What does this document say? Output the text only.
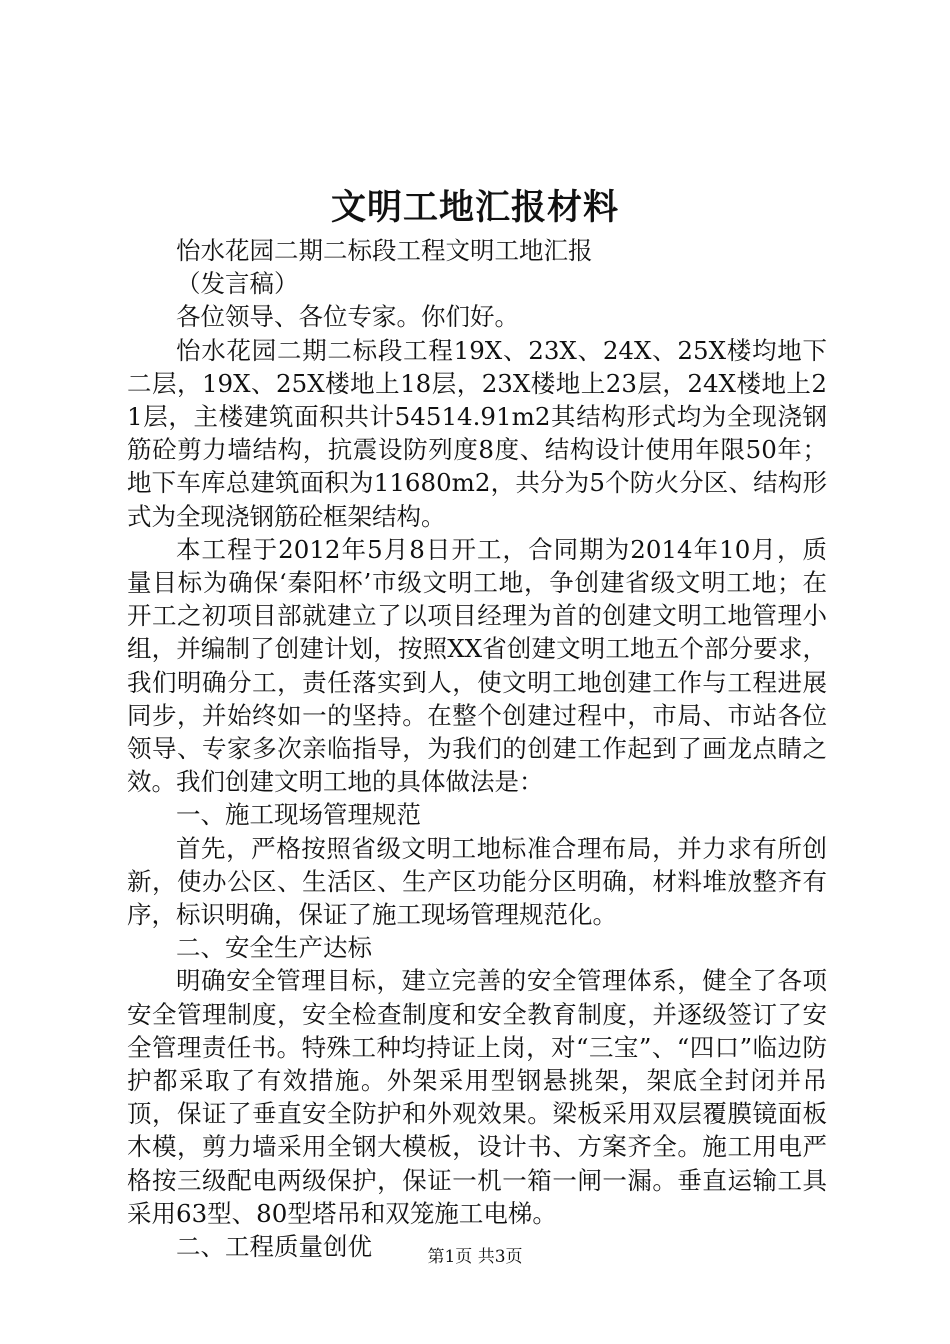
文明工地汇报材料

怡水花园二期二标段工程文明工地汇报

（发言稿）

各位领导、各位专家。你们好。

怡水花园二期二标段工程19X、23X、24X、25X楼均地下二层，19X、25X楼地上18层，23X楼地上23层，24X楼地上21层，主楼建筑面积共计54514.91m2其结构形式均为全现浇钢筋砼剪力墙结构，抗震设防列度8度、结构设计使用年限50年；地下车库总建筑面积为11680m2，共分为5个防火分区、结构形式为全现浇钢筋砼框架结构。

本工程于2012年5月8日开工，合同期为2014年10月，质量目标为确保‘秦阳杯’市级文明工地，争创建省级文明工地；在开工之初项目部就建立了以项目经理为首的创建文明工地管理小组，并编制了创建计划，按照XX省创建文明工地五个部分要求，我们明确分工，责任落实到人，使文明工地创建工作与工程进展同步，并始终如一的坚持。在整个创建过程中，市局、市站各位领导、专家多次亲临指导，为我们的创建工作起到了画龙点睛之效。我们创建文明工地的具体做法是：

一、施工现场管理规范

首先，严格按照省级文明工地标准合理布局，并力求有所创新，使办公区、生活区、生产区功能分区明确，材料堆放整齐有序，标识明确，保证了施工现场管理规范化。

二、安全生产达标

明确安全管理目标，建立完善的安全管理体系，健全了各项安全管理制度，安全检查制度和安全教育制度，并逐级签订了安全管理责任书。特殊工种均持证上岗，对“三宝”、“四口”临边防护都采取了有效措施。外架采用型钢悬挑架，架底全封闭并吊顶，保证了垂直安全防护和外观效果。梁板采用双层覆膜镜面板木模，剪力墙采用全钢大模板，设计书、方案齐全。施工用电严格按三级配电两级保护，保证一机一箱一闸一漏。垂直运输工具采用63型、80型塔吊和双笼施工电梯。

二、工程质量创优	第1页 共3页
